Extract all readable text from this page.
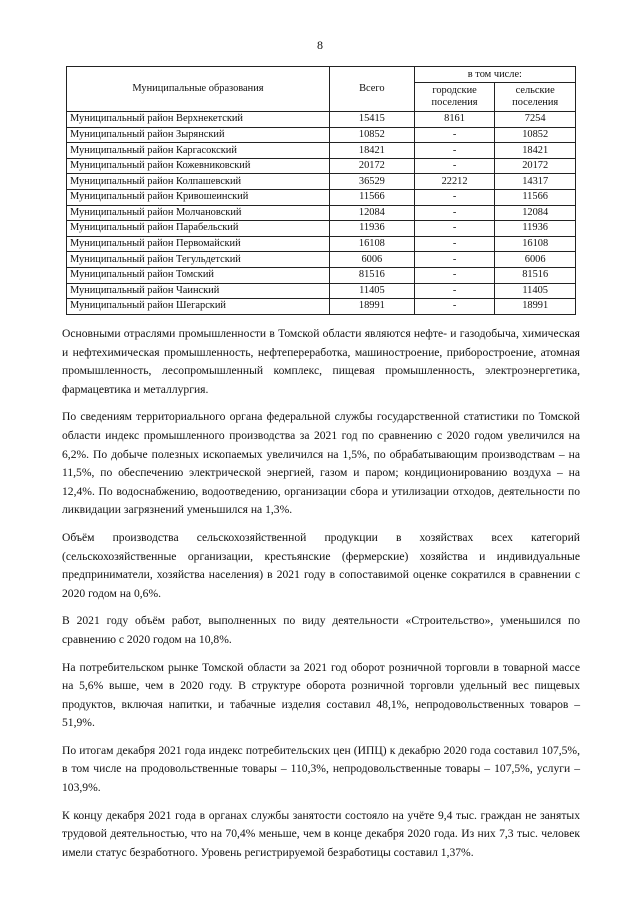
8
Муниципальные образования	Всего	в том числе:	
		городские поселения	сельские поселения
Муниципальный район Верхнекетский	15415	8161	7254
Муниципальный район Зырянский	10852	-	10852
Муниципальный район Каргасокский	18421	-	18421
Муниципальный район Кожевниковский	20172	-	20172
Муниципальный район Колпашевский	36529	22212	14317
Муниципальный район Кривошеинский	11566	-	11566
Муниципальный район Молчановский	12084	-	12084
Муниципальный район Парабельский	11936	-	11936
Муниципальный район Первомайский	16108	-	16108
Муниципальный район Тегульдетский	6006	-	6006
Муниципальный район Томский	81516	-	81516
Муниципальный район Чаинский	11405	-	11405
Муниципальный район Шегарский	18991	-	18991

Основными отраслями промышленности в Томской области являются нефте- и газодобыча, химическая и нефтехимическая промышленность, нефтепереработка, машиностроение, приборостроение, атомная промышленность, лесопромышленный комплекс, пищевая промышленность, электроэнергетика, фармацевтика и металлургия.

По сведениям территориального органа федеральной службы государственной статистики по Томской области индекс промышленного производства за 2021 год по сравнению с 2020 годом увеличился на 6,2%. По добыче полезных ископаемых увеличился на 1,5%, по обрабатывающим производствам – на 11,5%, по обеспечению электрической энергией, газом и паром; кондиционированию воздуха – на 12,4%. По водоснабжению, водоотведению, организации сбора и утилизации отходов, деятельности по ликвидации загрязнений уменьшился на 1,3%.

Объём производства сельскохозяйственной продукции в хозяйствах всех категорий (сельскохозяйственные организации, крестьянские (фермерские) хозяйства и индивидуальные предприниматели, хозяйства населения) в 2021 году в сопоставимой оценке сократился в сравнении с 2020 годом на 0,6%.

В 2021 году объём работ, выполненных по виду деятельности «Строительство», уменьшился по сравнению с 2020 годом на 10,8%.

На потребительском рынке Томской области за 2021 год оборот розничной торговли в товарной массе на 5,6% выше, чем в 2020 году. В структуре оборота розничной торговли удельный вес пищевых продуктов, включая напитки, и табачные изделия составил 48,1%, непродовольственных товаров – 51,9%.

По итогам декабря 2021 года индекс потребительских цен (ИПЦ) к декабрю 2020 года составил 107,5%, в том числе на продовольственные товары – 110,3%, непродовольственные товары – 107,5%, услуги – 103,9%.

К концу декабря 2021 года в органах службы занятости состояло на учёте 9,4 тыс. граждан не занятых трудовой деятельностью, что на 70,4% меньше, чем в конце декабря 2020 года. Из них 7,3 тыс. человек имели статус безработного. Уровень регистрируемой безработицы составил 1,37%.
